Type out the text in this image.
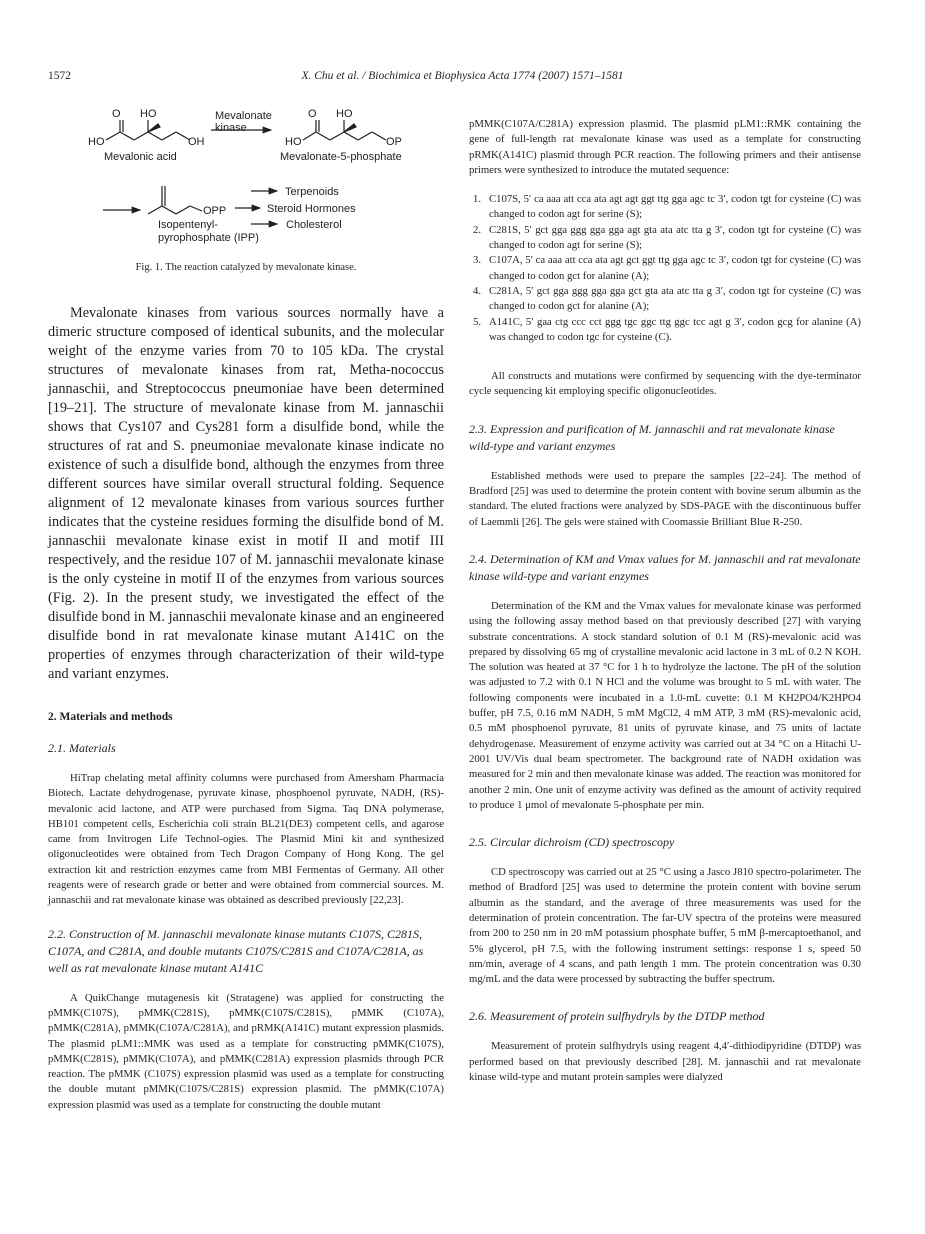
1572	X. Chu et al. / Biochimica et Biophysica Acta 1774 (2007) 1571–1581
O HO
HO	OH
Mevalonic acid
Mevalonate
kinase
O HO
HO	OP
Mevalonate-5-phosphate
OPP
Isopentenyl-
pyrophosphate (IPP)
Terpenoids
Steroid Hormones
Cholesterol

Fig. 1. The reaction catalyzed by mevalonate kinase.

Mevalonate kinases from various sources normally have a dimeric structure composed of identical subunits, and the molecular weight of the enzyme varies from 70 to 105 kDa. The crystal structures of mevalonate kinases from rat, Metha-nococcus jannaschii, and Streptococcus pneumoniae have been determined [19–21]. The structure of mevalonate kinase from M. jannaschii shows that Cys107 and Cys281 form a disulfide bond, while the structures of rat and S. pneumoniae mevalonate kinase indicate no existence of such a disulfide bond, although the enzymes from three different sources have similar overall structural folding. Sequence alignment of 12 mevalonate kinases from various sources further indicates that the cysteine residues forming the disulfide bond of M. jannaschii mevalonate kinase exist in motif II and motif III respectively, and the residue 107 of M. jannaschii mevalonate kinase is the only cysteine in motif II of the enzymes from various sources (Fig. 2). In the present study, we investigated the effect of the disulfide bond in M. jannaschii mevalonate kinase and an engineered disulfide bond in rat mevalonate kinase mutant A141C on the properties of enzymes through characterization of their wild-type and variant enzymes.

2. Materials and methods
2.1. Materials

HiTrap chelating metal affinity columns were purchased from Amersham Pharmacia Biotech. Lactate dehydrogenase, pyruvate kinase, phosphoenol pyruvate, NADH, (RS)-mevalonic acid lactone, and ATP were purchased from Sigma. Taq DNA polymerase, HB101 competent cells, Escherichia coli strain BL21(DE3) competent cells, and agarose came from Invitrogen Life Technol-ogies. The Plasmid Mini kit and synthesized oligonucleotides were obtained from Tech Dragon Company of Hong Kong. The gel extraction kit and restriction enzymes came from MBI Fermentas of Germany. All other reagents were of research grade or better and were obtained from commercial sources. M. jannaschii and rat mevalonate kinase was obtained as described previously [22,23].

2.2. Construction of M. jannaschii mevalonate kinase mutants C107S, C281S, C107A, and C281A, and double mutants C107S/C281S and C107A/C281A, as well as rat mevalonate kinase mutant A141C

A QuikChange mutagenesis kit (Stratagene) was applied for constructing the pMMK(C107S), pMMK(C281S), pMMK(C107S/C281S), pMMK (C107A), pMMK(C281A), pMMK(C107A/C281A), and pRMK(A141C) mutant expression plasmids. The plasmid pLM1::MMK was used as a template for constructing pMMK(C107S), pMMK(C281S), pMMK(C107A), and pMMK(C281A) expression plasmids through PCR reaction. The pMMK (C107S) expression plasmid was used as a template for constructing the double mutant pMMK(C107S/C281S) expression plasmid. The pMMK(C107A) expression plasmid was used as a template for constructing the double mutant

pMMK(C107A/C281A) expression plasmid. The plasmid pLM1::RMK containing the gene of full-length rat mevalonate kinase was used as a template for constructing pRMK(A141C) plasmid through PCR reaction. The following primers and their antisense primers were synthesized to introduce the mutated sequence:

1. C107S, 5′ ca aaa att cca ata agt agt ggt ttg gga agc tc 3′, codon tgt for cysteine (C) was changed to codon agt for serine (S);
2. C281S, 5′ gct gga ggg gga gga agt gta ata atc tta g 3′, codon tgt for cysteine (C) was changed to codon agt for serine (S);
3. C107A, 5′ ca aaa att cca ata agt gct ggt ttg gga agc tc 3′, codon tgt for cysteine (C) was changed to codon gct for alanine (A);
4. C281A, 5′ gct gga ggg gga gga gct gta ata atc tta g 3′, codon tgt for cysteine (C) was changed to codon gct for alanine (A);
5. A141C, 5′ gaa ctg ccc cct ggg tgc ggc ttg ggc tcc agt g 3′, codon gcg for alanine (A) was changed to codon tgc for cysteine (C).

All constructs and mutations were confirmed by sequencing with the dye-terminator cycle sequencing kit employing specific oligonucleotides.

2.3. Expression and purification of M. jannaschii and rat mevalonate kinase wild-type and variant enzymes

Established methods were used to prepare the samples [22–24]. The method of Bradford [25] was used to determine the protein content with bovine serum albumin as the standard. The eluted fractions were analyzed by SDS-PAGE with the discontinuous buffer of Laemmli [26]. The gels were stained with Coomassie Brilliant Blue R-250.

2.4. Determination of KM and Vmax values for M. jannaschii and rat mevalonate kinase wild-type and variant enzymes

Determination of the KM and the Vmax values for mevalonate kinase was performed using the following assay method based on that previously described [27] with varying substrate concentrations. A stock standard solution of 0.1 M (RS)-mevalonic acid was prepared by dissolving 65 mg of crystalline mevalonic acid lactone in 3 mL of 0.2 N KOH. The solution was heated at 37 °C for 1 h to hydrolyze the lactone. The pH of the solution was adjusted to 7.2 with 0.1 N HCl and the volume was brought to 5 mL with water. The following components were incubated in a 1.0-mL cuvette: 0.1 M KH2PO4/K2HPO4 buffer, pH 7.5, 0.16 mM NADH, 5 mM MgCl2, 4 mM ATP, 3 mM (RS)-mevalonic acid, 0.5 mM phosphoenol pyruvate, 81 units of pyruvate kinase, and 75 units of lactate dehydrogenase. Measurement of enzyme activity was carried out at 34 °C on a Hitachi U-2001 UV/Vis dual beam spectrometer. The background rate of NADH oxidation was measured for 2 min and then mevalonate kinase was added. The reaction was monitored for another 2 min. One unit of enzyme activity was defined as the amount of activity required to produce 1 μmol of mevalonate 5-phosphate per min.

2.5. Circular dichroism (CD) spectroscopy

CD spectroscopy was carried out at 25 °C using a Jasco J810 spectro-polarimeter. The method of Bradford [25] was used to determine the protein content with bovine serum albumin as the standard, and the average of three measurements was used for the determination of protein concentration. The far-UV spectra of the proteins were measured from 200 to 250 nm in 20 mM potassium phosphate buffer, 5 mM β-mercaptoethanol, and 5% glycerol, pH 7.5, with the following instrument settings: response 1 s, speed 50 nm/min, average of 4 scans, and path length 1 mm. The protein concentration was 0.30 mg/mL and the data were processed by subtracting the buffer spectrum.

2.6. Measurement of protein sulfhydryls by the DTDP method

Measurement of protein sulfhydryls using reagent 4,4′-dithiodipyridine (DTDP) was performed based on that previously described [28]. M. jannaschii and rat mevalonate kinase wild-type and mutant protein samples were dialyzed
